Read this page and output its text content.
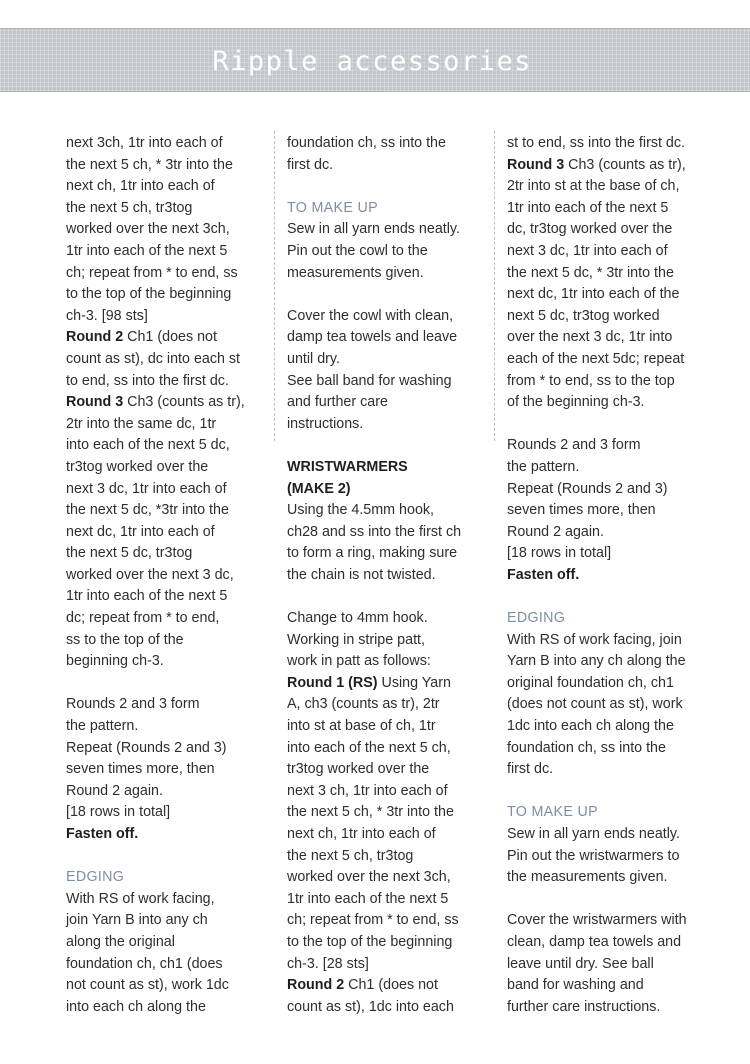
Ripple accessories
next 3ch, 1tr into each of
the next 5 ch, * 3tr into the
next ch, 1tr into each of
the next 5 ch, tr3tog
worked over the next 3ch,
1tr into each of the next 5
ch; repeat from * to end, ss
to the top of the beginning
ch-3. [98 sts]
Round 2 Ch1 (does not
count as st), dc into each st
to end, ss into the first dc.
Round 3 Ch3 (counts as tr),
2tr into the same dc, 1tr
into each of the next 5 dc,
tr3tog worked over the
next 3 dc, 1tr into each of
the next 5 dc, *3tr into the
next dc, 1tr into each of
the next 5 dc, tr3tog
worked over the next 3 dc,
1tr into each of the next 5
dc; repeat from * to end,
ss to the top of the
beginning ch-3.
Rounds 2 and 3 form
the pattern.
Repeat (Rounds 2 and 3)
seven times more, then
Round 2 again.
[18 rows in total]
Fasten off.
EDGING
With RS of work facing,
join Yarn B into any ch
along the original
foundation ch, ch1 (does
not count as st), work 1dc
into each ch along the
foundation ch, ss into the
first dc.
TO MAKE UP
Sew in all yarn ends neatly.
Pin out the cowl to the
measurements given.
Cover the cowl with clean,
damp tea towels and leave
until dry.
See ball band for washing
and further care
instructions.
WRISTWARMERS
(MAKE 2)
Using the 4.5mm hook,
ch28 and ss into the first ch
to form a ring, making sure
the chain is not twisted.
Change to 4mm hook.
Working in stripe patt,
work in patt as follows:
Round 1 (RS) Using Yarn
A, ch3 (counts as tr), 2tr
into st at base of ch, 1tr
into each of the next 5 ch,
tr3tog worked over the
next 3 ch, 1tr into each of
the next 5 ch, * 3tr into the
next ch, 1tr into each of
the next 5 ch, tr3tog
worked over the next 3ch,
1tr into each of the next 5
ch; repeat from * to end, ss
to the top of the beginning
ch-3. [28 sts]
Round 2 Ch1 (does not
count as st), 1dc into each
st to end, ss into the first dc.
Round 3 Ch3 (counts as tr),
2tr into st at the base of ch,
1tr into each of the next 5
dc, tr3tog worked over the
next 3 dc, 1tr into each of
the next 5 dc, * 3tr into the
next dc, 1tr into each of the
next 5 dc, tr3tog worked
over the next 3 dc, 1tr into
each of the next 5dc; repeat
from * to end, ss to the top
of the beginning ch-3.
Rounds 2 and 3 form
the pattern.
Repeat (Rounds 2 and 3)
seven times more, then
Round 2 again.
[18 rows in total]
Fasten off.
EDGING
With RS of work facing, join
Yarn B into any ch along the
original foundation ch, ch1
(does not count as st), work
1dc into each ch along the
foundation ch, ss into the
first dc.
TO MAKE UP
Sew in all yarn ends neatly.
Pin out the wristwarmers to
the measurements given.
Cover the wristwarmers with
clean, damp tea towels and
leave until dry. See ball
band for washing and
further care instructions.
